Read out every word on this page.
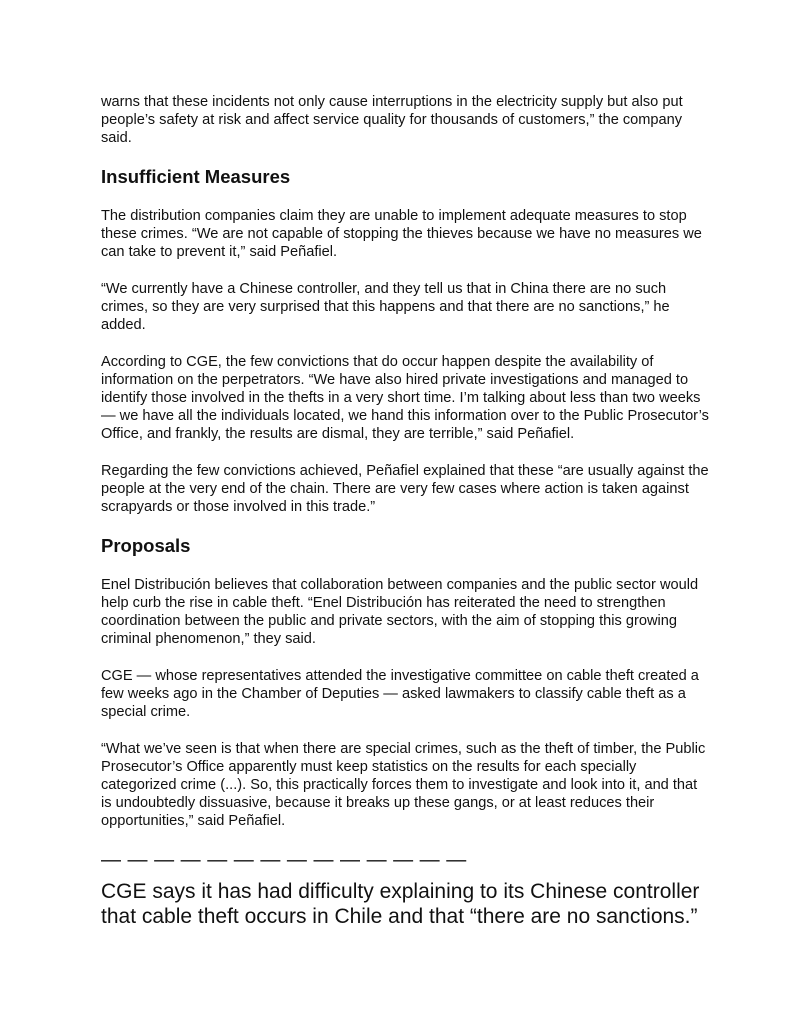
warns that these incidents not only cause interruptions in the electricity supply but also put people’s safety at risk and affect service quality for thousands of customers,” the company said.

Insufficient Measures

The distribution companies claim they are unable to implement adequate measures to stop these crimes. “We are not capable of stopping the thieves because we have no measures we can take to prevent it,” said Peñafiel.

“We currently have a Chinese controller, and they tell us that in China there are no such crimes, so they are very surprised that this happens and that there are no sanctions,” he added.

According to CGE, the few convictions that do occur happen despite the availability of information on the perpetrators. “We have also hired private investigations and managed to identify those involved in the thefts in a very short time. I’m talking about less than two weeks — we have all the individuals located, we hand this information over to the Public Prosecutor’s Office, and frankly, the results are dismal, they are terrible,” said Peñafiel.

Regarding the few convictions achieved, Peñafiel explained that these “are usually against the people at the very end of the chain. There are very few cases where action is taken against scrapyards or those involved in this trade.”

Proposals

Enel Distribución believes that collaboration between companies and the public sector would help curb the rise in cable theft. “Enel Distribución has reiterated the need to strengthen coordination between the public and private sectors, with the aim of stopping this growing criminal phenomenon,” they said.

CGE — whose representatives attended the investigative committee on cable theft created a few weeks ago in the Chamber of Deputies — asked lawmakers to classify cable theft as a special crime.

“What we’ve seen is that when there are special crimes, such as the theft of timber, the Public Prosecutor’s Office apparently must keep statistics on the results for each specially categorized crime (...). So, this practically forces them to investigate and look into it, and that is undoubtedly dissuasive, because it breaks up these gangs, or at least reduces their opportunities,” said Peñafiel.

— — — — — — — — — — — — — —
CGE says it has had difficulty explaining to its Chinese controller that cable theft occurs in Chile and that “there are no sanctions.”
